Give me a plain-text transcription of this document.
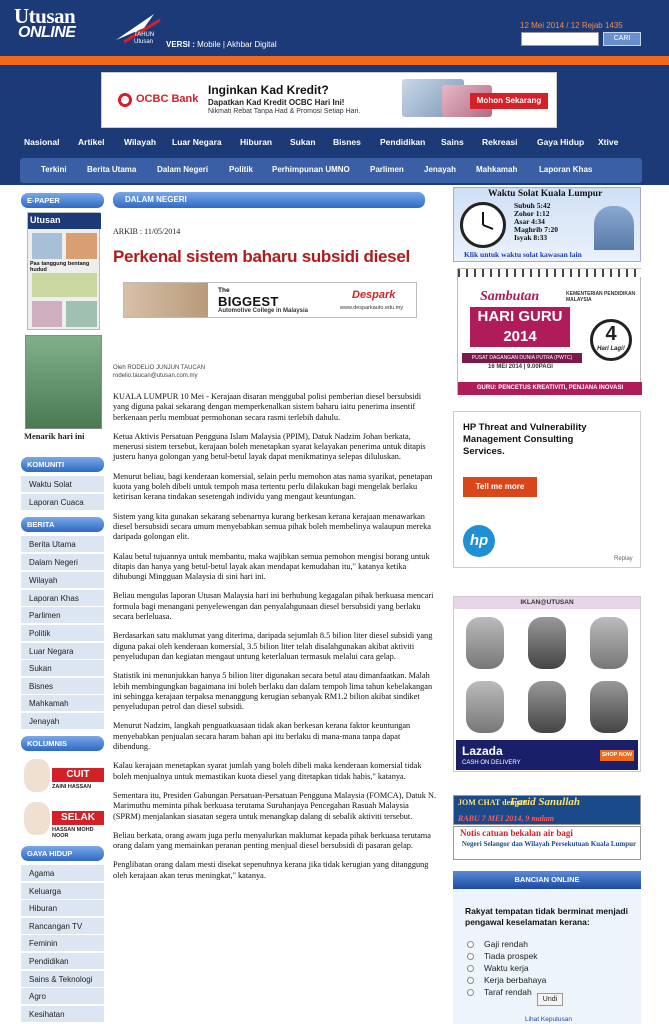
Utusan
ONLINE	TAHUN
Utusan VERSI : Mobile | Akhbar Digital
12 Mei 2014 / 12 Rejab 1435
CARI
OCBC Bank
Inginkan Kad Kredit?
Dapatkan Kad Kredit OCBC Hari Ini!
Nikmati Rebat Tanpa Had & Promosi Setiap Hari.
Mohon Sekarang
Nasional Artikel Wilayah Luar Negara Hiburan Sukan Bisnes Pendidikan Sains Rekreasi Gaya Hidup Xtive
Terkini	Berita Utama	Dalam Negeri	Politik Perhimpunan UMNO	Parlimen	Jenayah Mahkamah	Laporan Khas
E-PAPER
Utusan
Pas tanggung bentang hudud
Menarik hari ini
KOMUNITI
Waktu Solat
Laporan Cuaca
BERITA
Berita Utama
Dalam Negeri
Wilayah
Laporan Khas
Parlimen
Politik
Luar Negara
Sukan
Bisnes
Mahkamah
Jenayah
KOLUMNIS
CUIT
ZAINI HASSAN
SELAK
HASSAN MOHD NOOR
GAYA HIDUP
Agama
Keluarga
Hiburan
Rancangan TV
Feminin
Pendidikan
Sains & Teknologi
Agro
Kesihatan
DALAM NEGERI
ARKIB : 11/05/2014
Perkenal sistem baharu subsidi diesel
The
BIGGEST
Automotive College in Malaysia
Despark
www.desparkauto.edu.my
Oleh RODELIO JUNJUN TAUCAN
rodelio.taucan@utusan.com.my

KUALA LUMPUR 10 Mei - Kerajaan disaran menggubal polisi pemberian diesel bersubsidi yang diguna pakai sekarang dengan memperkenalkan sistem baharu iaitu penerima insentif berkenaan perlu membuat permohonan secara rasmi terlebih dahulu.

Ketua Aktivis Persatuan Pengguna Islam Malaysia (PPIM), Datuk Nadzim Johan berkata, menerusi sistem tersebut, kerajaan boleh menetapkan syarat kelayakan penerima untuk ditapis justeru hanya golongan yang betul-betul layak dapat menikmatinya selepas diluluskan.

Menurut beliau, bagi kenderaan komersial, selain perlu memohon atas nama syarikat, penetapan kuota yang boleh dibeli untuk tempoh masa tertentu perlu dilakukan bagi mengelak berlaku ketirisan kerana tindakan sesetengah individu yang mengaut keuntungan.

Sistem yang kita gunakan sekarang sebenarnya kurang berkesan kerana kerajaan menawarkan diesel bersubsidi secara umum menyebabkan semua pihak boleh membelinya walaupun mereka daripada golongan elit.

Kalau betul tujuannya untuk membantu, maka wajibkan semua pemohon mengisi borang untuk ditapis dan hanya yang betul-betul layak akan mendapat kemudahan itu," katanya ketika dihubungi Mingguan Malaysia di sini hari ini.

Beliau mengulas laporan Utusan Malaysia hari ini berhubung kegagalan pihak berkuasa mencari formula bagi menangani penyelewengan dan penyalahgunaan diesel bersubsidi yang berlaku secara berleluasa.

Berdasarkan satu maklumat yang diterima, daripada sejumlah 8.5 bilion liter diesel subsidi yang diguna pakai oleh kenderaan komersial, 3.5 bilion liter telah disalahgunakan akibat aktiviti penyeludupan dan kegiatan mengaut untung keterlaluan termasuk melalui cara gelap.

Statistik ini menunjukkan hanya 5 bilion liter digunakan secara betul atau dimanfaatkan. Malah lebih membingungkan bagaimana ini boleh berlaku dan dalam tempoh lima tahun kebelakangan ini sehingga kerajaan terpaksa menanggung kerugian sebanyak RM1.2 bilion akibat sindiket penyeludupan petrol dan diesel subsidi.

Menurut Nadzim, langkah penguatkuasaan tidak akan berkesan kerana faktor keuntungan menyebabkan penjualan secara haram bahan api itu berlaku di mana-mana tanpa dapat dibendung.

Kalau kerajaan menetapkan syarat jumlah yang boleh dibeli maka kenderaan komersial tidak boleh menjualnya untuk memastikan kuota diesel yang ditetapkan tidak habis," katanya.

Sementara itu, Presiden Gabungan Persatuan-Persatuan Pengguna Malaysia (FOMCA), Datuk N. Marimuthu meminta pihak berkuasa terutama Suruhanjaya Pencegahan Rasuah Malaysia (SPRM) menjalankan siasatan segera untuk menangkap dalang di sebalik aktiviti tersebut.

Beliau berkata, orang awam juga perlu menyalurkan maklumat kepada pihak berkuasa terutama orang dalam yang memainkan peranan penting menjual diesel bersubsidi di pasaran gelap.

Penglibatan orang dalam mesti disekat sepenuhnya kerana jika tidak kerugian yang ditanggung oleh kerajaan akan terus meningkat," katanya.

Waktu Solat Kuala Lumpur
Subuh 5:42
Zohor 1:12
Asar 4:34
Maghrib 7:20
Isyak 8:33
Klik untuk waktu solat kawasan lain
Sambutan
HARI GURU 2014
KEMENTERIAN PENDIDIKAN MALAYSIA
4
Hari Lagi!
PUSAT DAGANGAN DUNIA PUTRA (PWTC)
16 MEI 2014 | 9.00PAGI
GURU: PENCETUS KREATIVITI, PENJANA INOVASI
HP Threat and Vulnerability Management Consulting Services.
Tell me more
hp
Replay
IKLAN@UTUSAN
Lazada
CASH ON DELIVERY
SHOP NOW
JOM CHAT dengan
Farid Sanullah
RABU 7 MEI 2014, 9 malam
Notis catuan bekalan air bagi
Negeri Selangor dan Wilayah Persekutuan Kuala Lumpur
BANCIAN ONLINE
Rakyat tempatan tidak berminat menjadi pengawal keselamatan kerana:
Gaji rendah
Tiada prospek
Waktu kerja
Kerja berbahaya
Taraf rendah
Undi
Lihat Keputusan
